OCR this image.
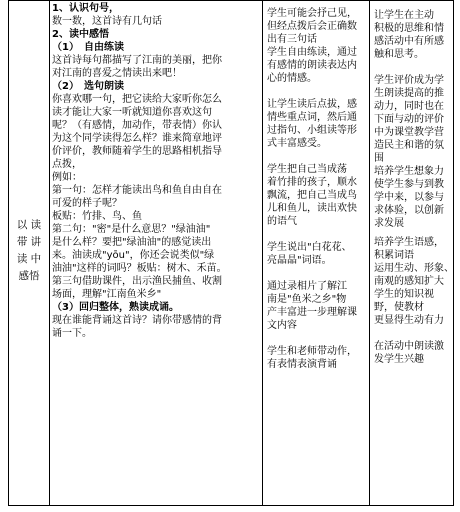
以 读
带 讲
读 中
感悟

1、认识句号，

数一数，这首诗有几句话

2、读中感悟

（1）　自由练读

这首诗每句都描写了江南的美丽，把你

对江南的喜爱之情读出来吧！

（2）　选句朗读

你喜欢哪一句，把它读给大家听你怎么

读才能让大家一听就知道你喜欢这句

呢？（有感情，加动作，带表情）你认

为这个同学读得怎么样？谁来简章地评

价评价，教师随着学生的思路相机指导

点拨，

例如：

第一句：怎样才能读出鸟和鱼自由自在

可爱的样子呢？

板贴：竹排、鸟、鱼

第二句："密"是什么意思？"绿油油"

是什么样？要把"绿油油"的感觉读出

来。油读成"yōu"，你还会说类似"绿

油油"这样的词吗？板贴：树木、禾苗。

第三句借助课件，出示渔民捕鱼、收割

场面，理解"江南鱼米乡"

（3）回归整体，熟读成诵。

现在谁能背诵这首诗？请你带感情的背

诵一下。

学生可能会抒己见，

但经点拨后会正确数

出有三句话

学生自由练读，通过

有感情的朗读表达内

心的情感。

让学生读后点拔，感

情些重点词，然后通

过指句、小组读等形

式丰富感受。

学生把自己当成荡

着竹排的孩子，顺水

飘流，把自己当成鸟

儿和鱼儿，读出欢快

的语气

学生说出"白花花、

亮晶晶"词语。

通过录相片了解江

南是"鱼米之乡"物

产丰富进一步理解课

文内容

学生和老师带动作，

有表情表演背诵

让学生在主动

积极的思维和情

感活动中有所感

触和思考。

学生评价成为学

生朗读提高的推

动力，同时也在

下面与动的评价

中为课堂教学营

造民主和谐的氛

围

培养学生想象力

使学生参与到教

学中来，以参与

求体验，以创新

求发展

培养学生语感，

积累词语

运用生动、形象、

南观的感知扩大

学生的知识视

野，使教材

更显得生动有力

在活动中朗读激

发学生兴趣
